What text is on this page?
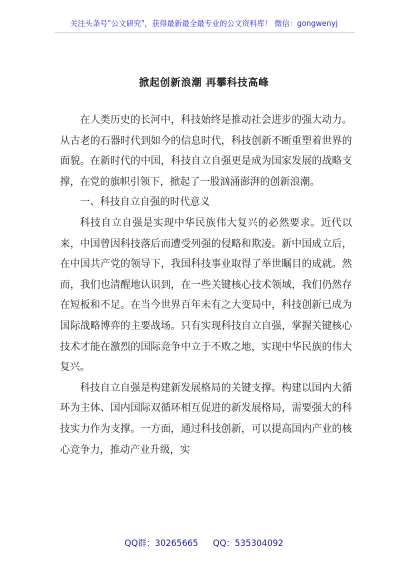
关注头条号"公文研究"，获得最新最全最专业的公文资料库！ 微信：gongwenyj
掀起创新浪潮 再攀科技高峰

在人类历史的长河中，科技始终是推动社会进步的强大动力。从古老的石器时代到如今的信息时代，科技创新不断重塑着世界的面貌。在新时代的中国，科技自立自强更是成为国家发展的战略支撑，在党的旗帜引领下，掀起了一股汹涌澎湃的创新浪潮。

一、科技自立自强的时代意义

科技自立自强是实现中华民族伟大复兴的必然要求。近代以来，中国曾因科技落后而遭受列强的侵略和欺凌。新中国成立后，在中国共产党的领导下，我国科技事业取得了举世瞩目的成就。然而，我们也清醒地认识到，在一些关键核心技术领域，我们仍然存在短板和不足。在当今世界百年未有之大变局中，科技创新已成为国际战略博弈的主要战场。只有实现科技自立自强，掌握关键核心技术才能在激烈的国际竞争中立于不败之地，实现中华民族的伟大复兴。

科技自立自强是构建新发展格局的关键支撑。构建以国内大循环为主体、国内国际双循环相互促进的新发展格局，需要强大的科技实力作为支撑。一方面，通过科技创新，可以提高国内产业的核心竞争力，推动产业升级，实

QQ群：30265665 QQ：535304092
